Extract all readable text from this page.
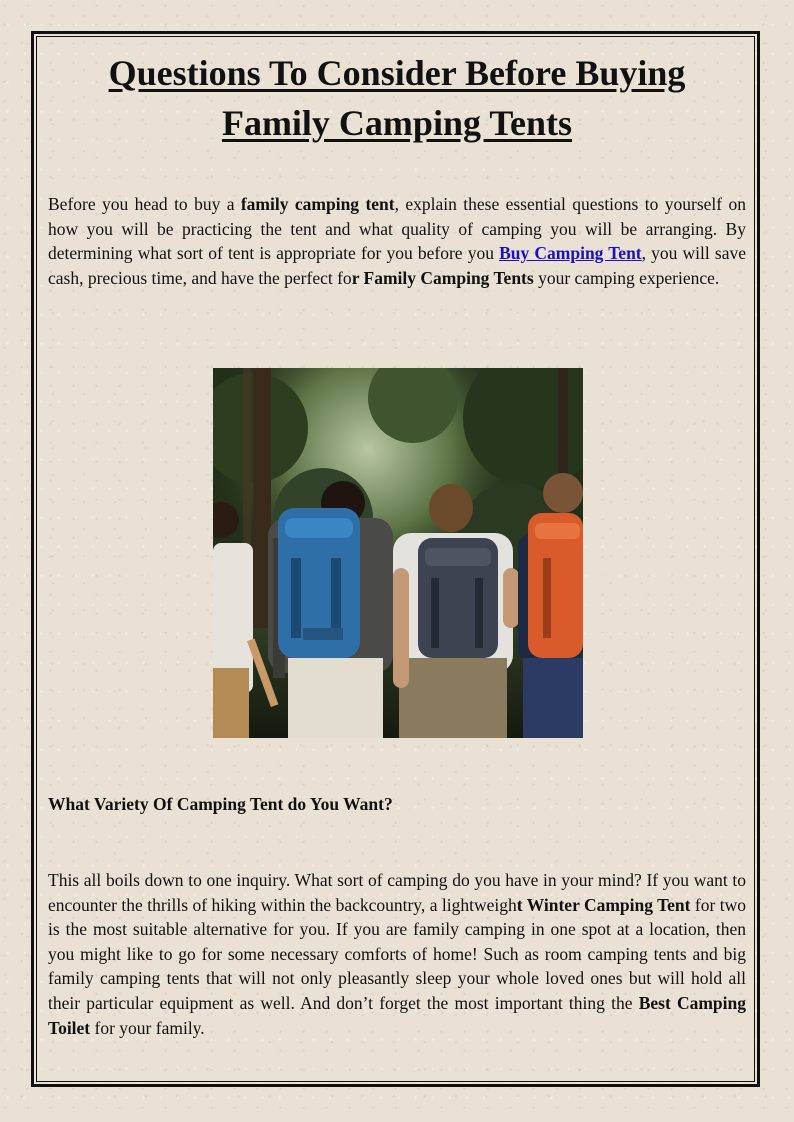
Questions To Consider Before Buying
Family Camping Tents

Before you head to buy a family camping tent, explain these essential questions to yourself on how you will be practicing the tent and what quality of camping you will be arranging. By determining what sort of tent is appropriate for you before you Buy Camping Tent, you will save cash, precious time, and have the perfect for Family Camping Tents your camping experience.

What Variety Of Camping Tent do You Want?

This all boils down to one inquiry. What sort of camping do you have in your mind? If you want to encounter the thrills of hiking within the backcountry, a lightweight Winter Camping Tent for two is the most suitable alternative for you. If you are family camping in one spot at a location, then you might like to go for some necessary comforts of home! Such as room camping tents and big family camping tents that will not only pleasantly sleep your whole loved ones but will hold all their particular equipment as well. And don’t forget the most important thing the Best Camping Toilet for your family.
